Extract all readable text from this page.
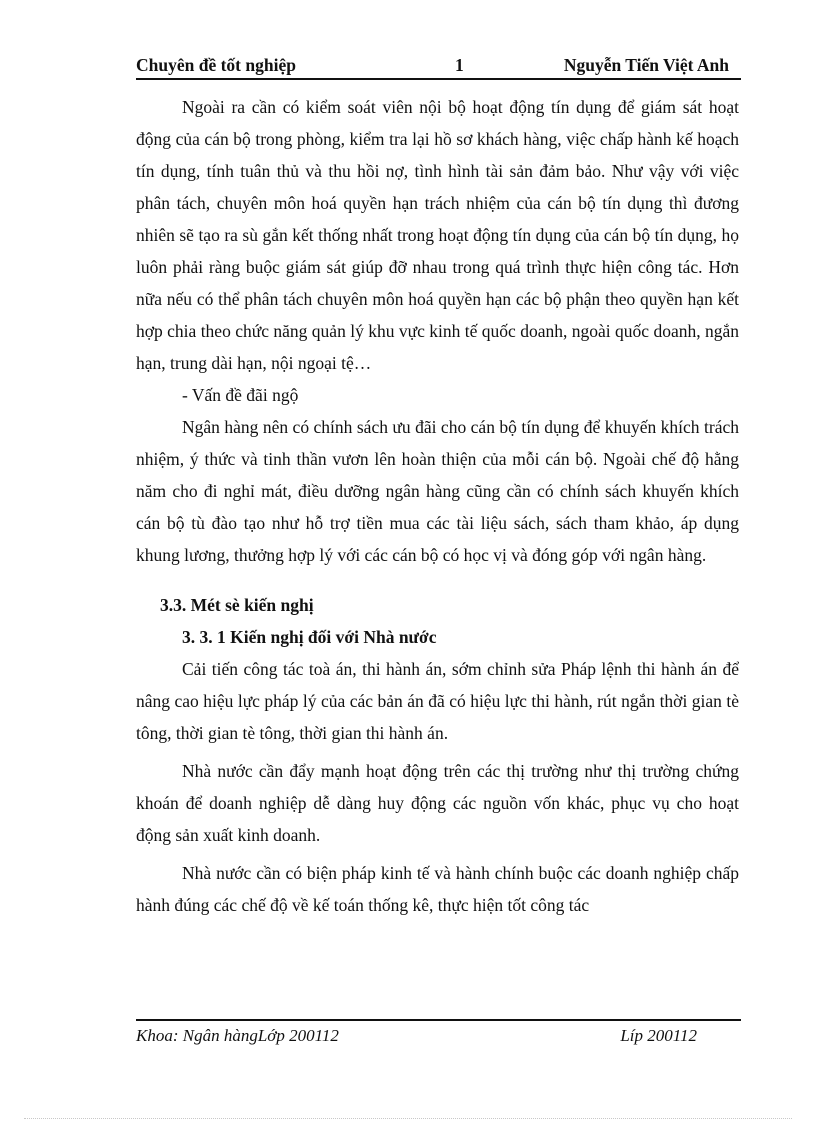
Chuyên đề tốt nghiệp	1	Nguyễn Tiến Việt Anh

Ngoài ra cần có kiểm soát viên nội bộ hoạt động tín dụng để giám sát hoạt động của cán bộ trong phòng, kiểm tra lại hồ sơ khách hàng, việc chấp hành kế hoạch tín dụng, tính tuân thủ và thu hồi nợ, tình hình tài sản đảm bảo. Như vậy với việc phân tách, chuyên môn hoá quyền hạn trách nhiệm của cán bộ tín dụng thì đương nhiên sẽ tạo ra sù gắn kết thống nhất trong hoạt động tín dụng của cán bộ tín dụng, họ luôn phải ràng buộc giám sát giúp đỡ nhau trong quá trình thực hiện công tác. Hơn nữa nếu có thể phân tách chuyên môn hoá quyền hạn các bộ phận theo quyền hạn kết hợp chia theo chức năng quản lý khu vực kinh tế quốc doanh, ngoài quốc doanh, ngắn hạn, trung dài hạn, nội ngoại tệ…

- Vấn đề đãi ngộ

Ngân hàng nên có chính sách ưu đãi cho cán bộ tín dụng để khuyến khích trách nhiệm, ý thức và tinh thần vươn lên hoàn thiện của mỗi cán bộ. Ngoài chế độ hằng năm cho đi nghỉ mát, điều dưỡng ngân hàng cũng cần có chính sách khuyến khích cán bộ tù đào tạo như hỗ trợ tiền mua các tài liệu sách, sách tham khảo, áp dụng khung lương, thưởng hợp lý với các cán bộ có học vị và đóng góp với ngân hàng.

3.3. Mét sè kiến nghị

3. 3. 1 Kiến nghị đối với Nhà nước

Cải tiến công tác toà án, thi hành án, sớm chỉnh sửa Pháp lệnh thi hành án để nâng cao hiệu lực pháp lý của các bản án đã có hiệu lực thi hành, rút ngắn thời gian tè tông, thời gian tè tông, thời gian thi hành án.

Nhà nước cần đẩy mạnh hoạt động trên các thị trường như thị trường chứng khoán để doanh nghiệp dễ dàng huy động các nguồn vốn khác, phục vụ cho hoạt động sản xuất kinh doanh.

Nhà nước cần có biện pháp kinh tế và hành chính buộc các doanh nghiệp chấp hành đúng các chế độ về kế toán thống kê, thực hiện tốt công tác

Khoa: Ngân hàngLớp 200112	Líp 200112
